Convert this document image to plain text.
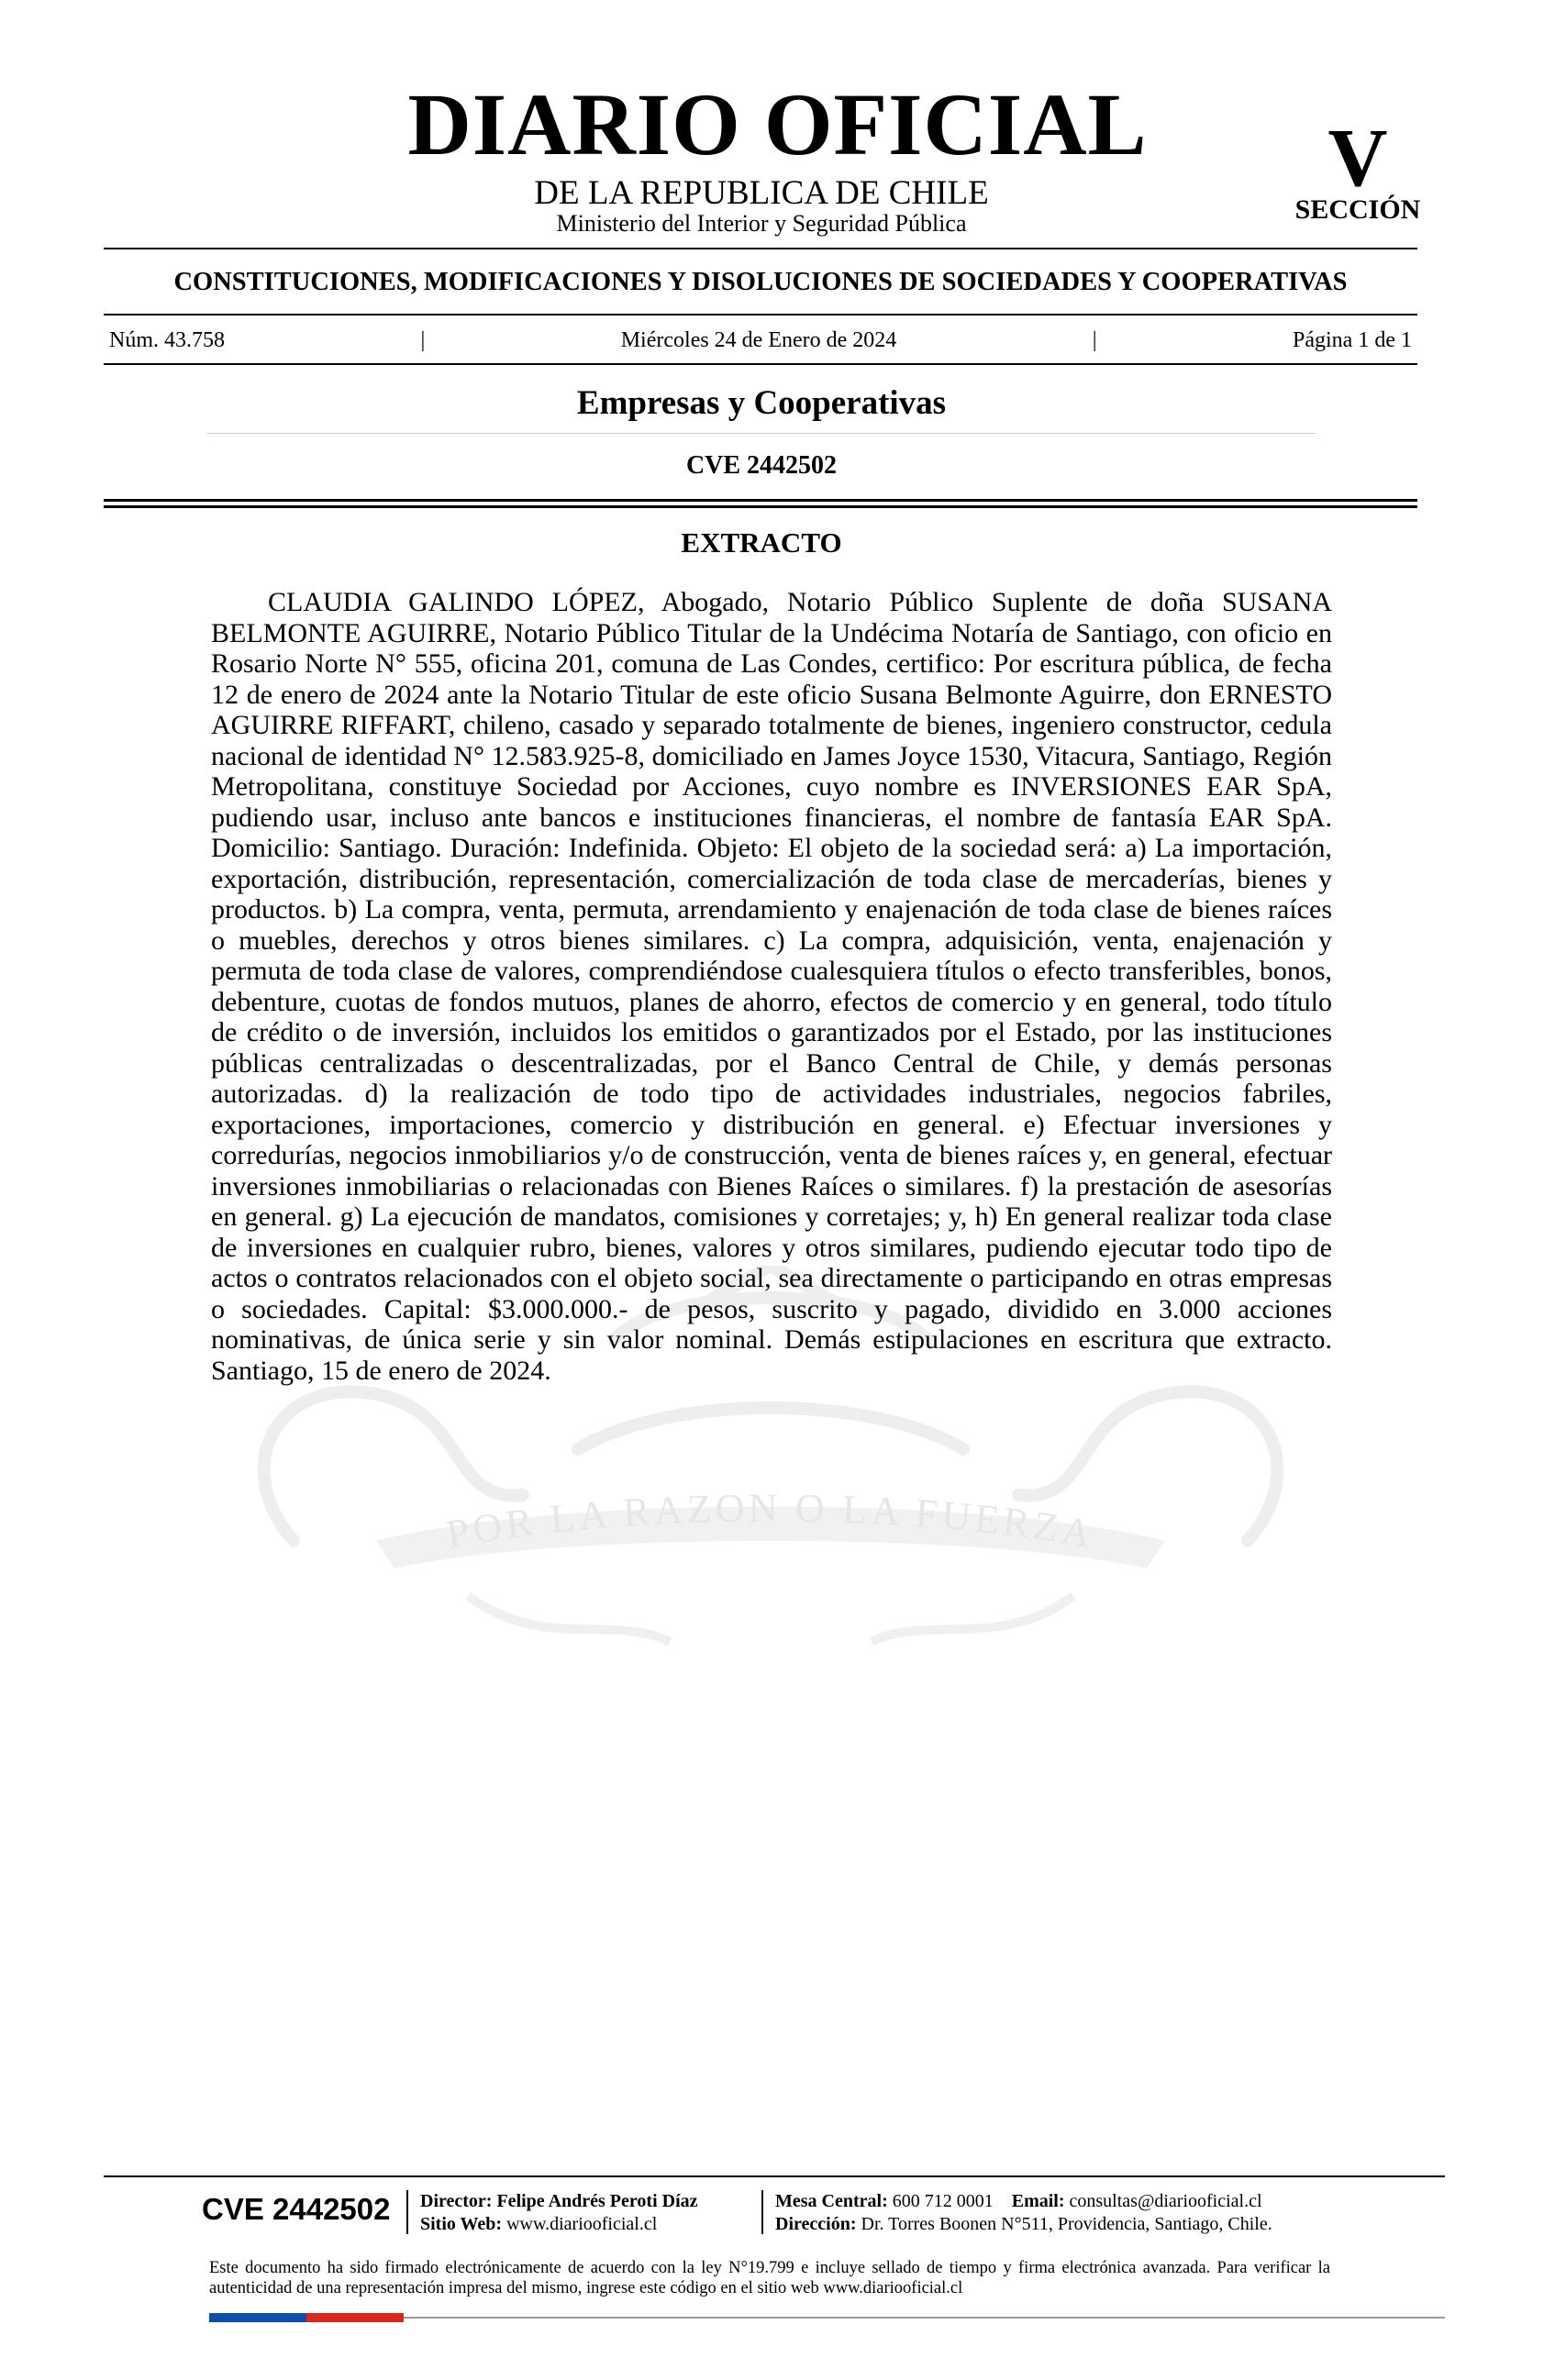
DIARIO OFICIAL
DE LA REPUBLICA DE CHILE
Ministerio del Interior y Seguridad Pública
V
SECCIÓN
CONSTITUCIONES, MODIFICACIONES Y DISOLUCIONES DE SOCIEDADES Y COOPERATIVAS
Núm. 43.758	|	Miércoles 24 de Enero de 2024	|	Página 1 de 1
Empresas y Cooperativas
CVE 2442502
POR LA RAZON O LA FUERZA
EXTRACTO
CLAUDIA GALINDO LÓPEZ, Abogado, Notario Público Suplente de doña SUSANA BELMONTE AGUIRRE, Notario Público Titular de la Undécima Notaría de Santiago, con oficio en Rosario Norte N° 555, oficina 201, comuna de Las Condes, certifico: Por escritura pública, de fecha 12 de enero de 2024 ante la Notario Titular de este oficio Susana Belmonte Aguirre, don ERNESTO AGUIRRE RIFFART, chileno, casado y separado totalmente de bienes, ingeniero constructor, cedula nacional de identidad N° 12.583.925-8, domiciliado en James Joyce 1530, Vitacura, Santiago, Región Metropolitana, constituye Sociedad por Acciones, cuyo nombre es INVERSIONES EAR SpA, pudiendo usar, incluso ante bancos e instituciones financieras, el nombre de fantasía EAR SpA. Domicilio: Santiago. Duración: Indefinida. Objeto: El objeto de la sociedad será: a) La importación, exportación, distribución, representación, comercialización de toda clase de mercaderías, bienes y productos. b) La compra, venta, permuta, arrendamiento y enajenación de toda clase de bienes raíces o muebles, derechos y otros bienes similares. c) La compra, adquisición, venta, enajenación y permuta de toda clase de valores, comprendiéndose cualesquiera títulos o efecto transferibles, bonos, debenture, cuotas de fondos mutuos, planes de ahorro, efectos de comercio y en general, todo título de crédito o de inversión, incluidos los emitidos o garantizados por el Estado, por las instituciones públicas centralizadas o descentralizadas, por el Banco Central de Chile, y demás personas autorizadas. d) la realización de todo tipo de actividades industriales, negocios fabriles, exportaciones, importaciones, comercio y distribución en general. e) Efectuar inversiones y corredurías, negocios inmobiliarios y/o de construcción, venta de bienes raíces y, en general, efectuar inversiones inmobiliarias o relacionadas con Bienes Raíces o similares. f) la prestación de asesorías en general. g) La ejecución de mandatos, comisiones y corretajes; y, h) En general realizar toda clase de inversiones en cualquier rubro, bienes, valores y otros similares, pudiendo ejecutar todo tipo de actos o contratos relacionados con el objeto social, sea directamente o participando en otras empresas o sociedades. Capital: $3.000.000.- de pesos, suscrito y pagado, dividido en 3.000 acciones nominativas, de única serie y sin valor nominal. Demás estipulaciones en escritura que extracto. Santiago, 15 de enero de 2024.
CVE 2442502 Director: Felipe Andrés Peroti Díaz
Sitio Web: www.diariooficial.cl
Mesa Central: 600 712 0001 Email: consultas@diariooficial.cl
Dirección: Dr. Torres Boonen N°511, Providencia, Santiago, Chile.
Este documento ha sido firmado electrónicamente de acuerdo con la ley N°19.799 e incluye sellado de tiempo y firma electrónica avanzada. Para verificar la autenticidad de una representación impresa del mismo, ingrese este código en el sitio web www.diariooficial.cl
